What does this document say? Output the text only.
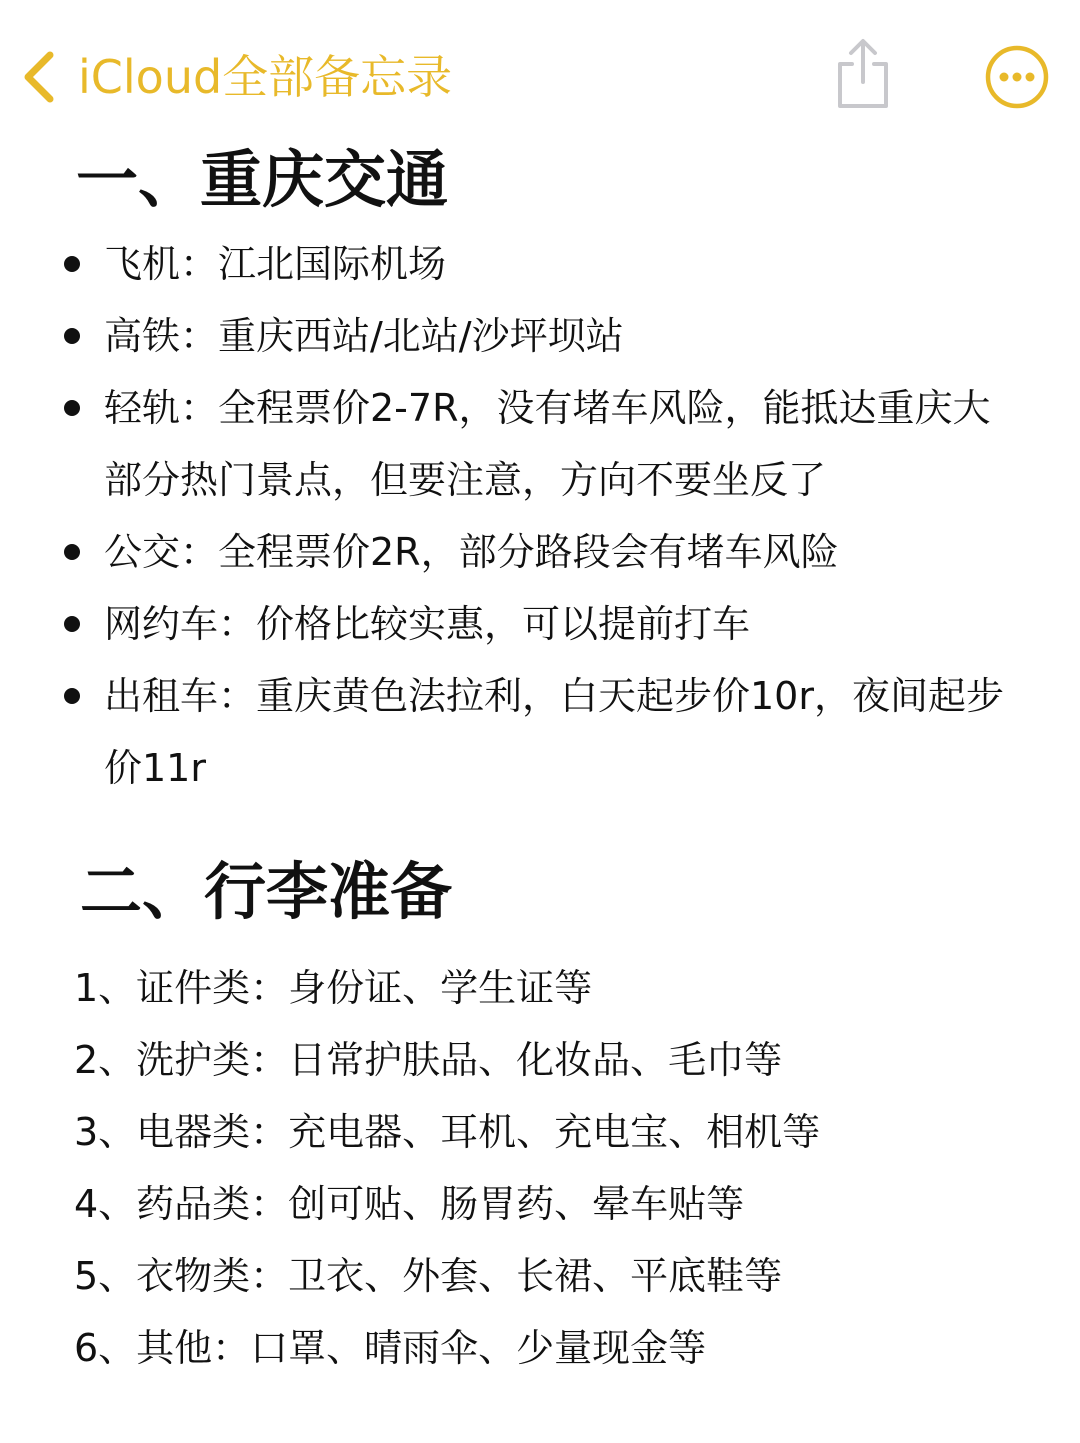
iCloud全部备忘录
一、重庆交通
飞机：江北国际机场
高铁：重庆西站/北站/沙坪坝站
轻轨：全程票价2-7R，没有堵车风险，能抵达重庆大部分热门景点，但要注意，方向不要坐反了
公交：全程票价2R，部分路段会有堵车风险
网约车：价格比较实惠，可以提前打车
出租车：重庆黄色法拉利，白天起步价10r，夜间起步价11r
二、行李准备
1、证件类：身份证、学生证等
2、洗护类：日常护肤品、化妆品、毛巾等
3、电器类：充电器、耳机、充电宝、相机等
4、药品类：创可贴、肠胃药、晕车贴等
5、衣物类：卫衣、外套、长裙、平底鞋等
6、其他：口罩、晴雨伞、少量现金等
